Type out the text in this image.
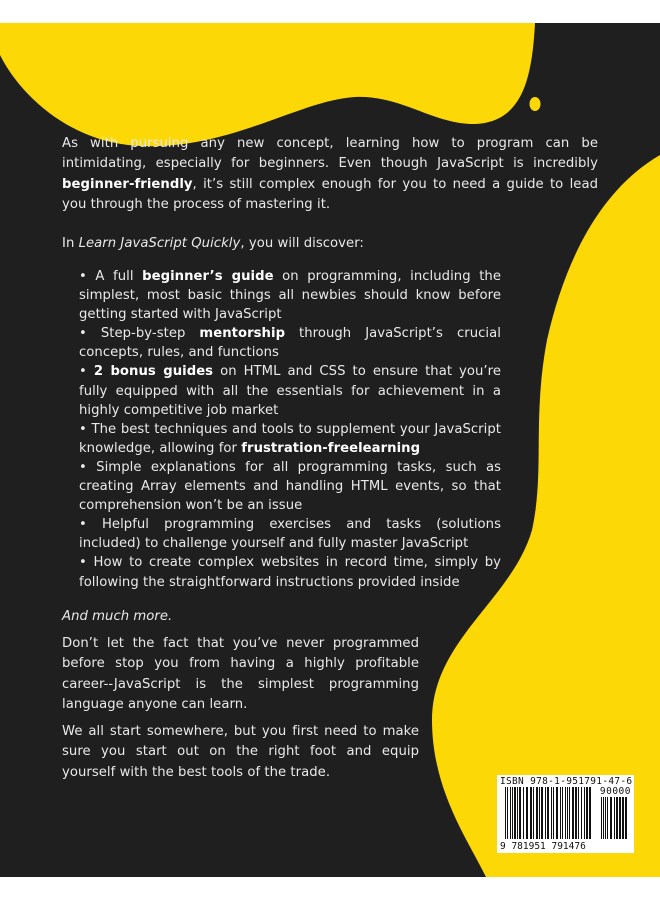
As with pursuing any new concept, learning how to program can be intimidating, especially for beginners. Even though JavaScript is incredibly beginner-friendly, it’s still complex enough for you to need a guide to lead you through the process of mastering it.
In Learn JavaScript Quickly, you will discover:
• A full beginner’s guide on programming, including the simplest, most basic things all newbies should know before getting started with JavaScript
• Step-by-step mentorship through JavaScript’s crucial concepts, rules, and functions
• 2 bonus guides on HTML and CSS to ensure that you’re fully equipped with all the essentials for achievement in a highly competitive job market
• The best techniques and tools to supplement your JavaScript knowledge, allowing for frustration-freelearning
• Simple explanations for all programming tasks, such as creating Array elements and handling HTML events, so that comprehension won’t be an issue
• Helpful programming exercises and tasks (solutions included) to challenge yourself and fully master JavaScript
• How to create complex websites in record time, simply by following the straightforward instructions provided inside
And much more.
Don’t let the fact that you’ve never programmed before stop you from having a highly profitable career--JavaScript is the simplest programming language anyone can learn.
We all start somewhere, but you first need to make sure you start out on the right foot and equip yourself with the best tools of the trade.
ISBN 978-1-951791-47-6
90000
9 781951 791476
